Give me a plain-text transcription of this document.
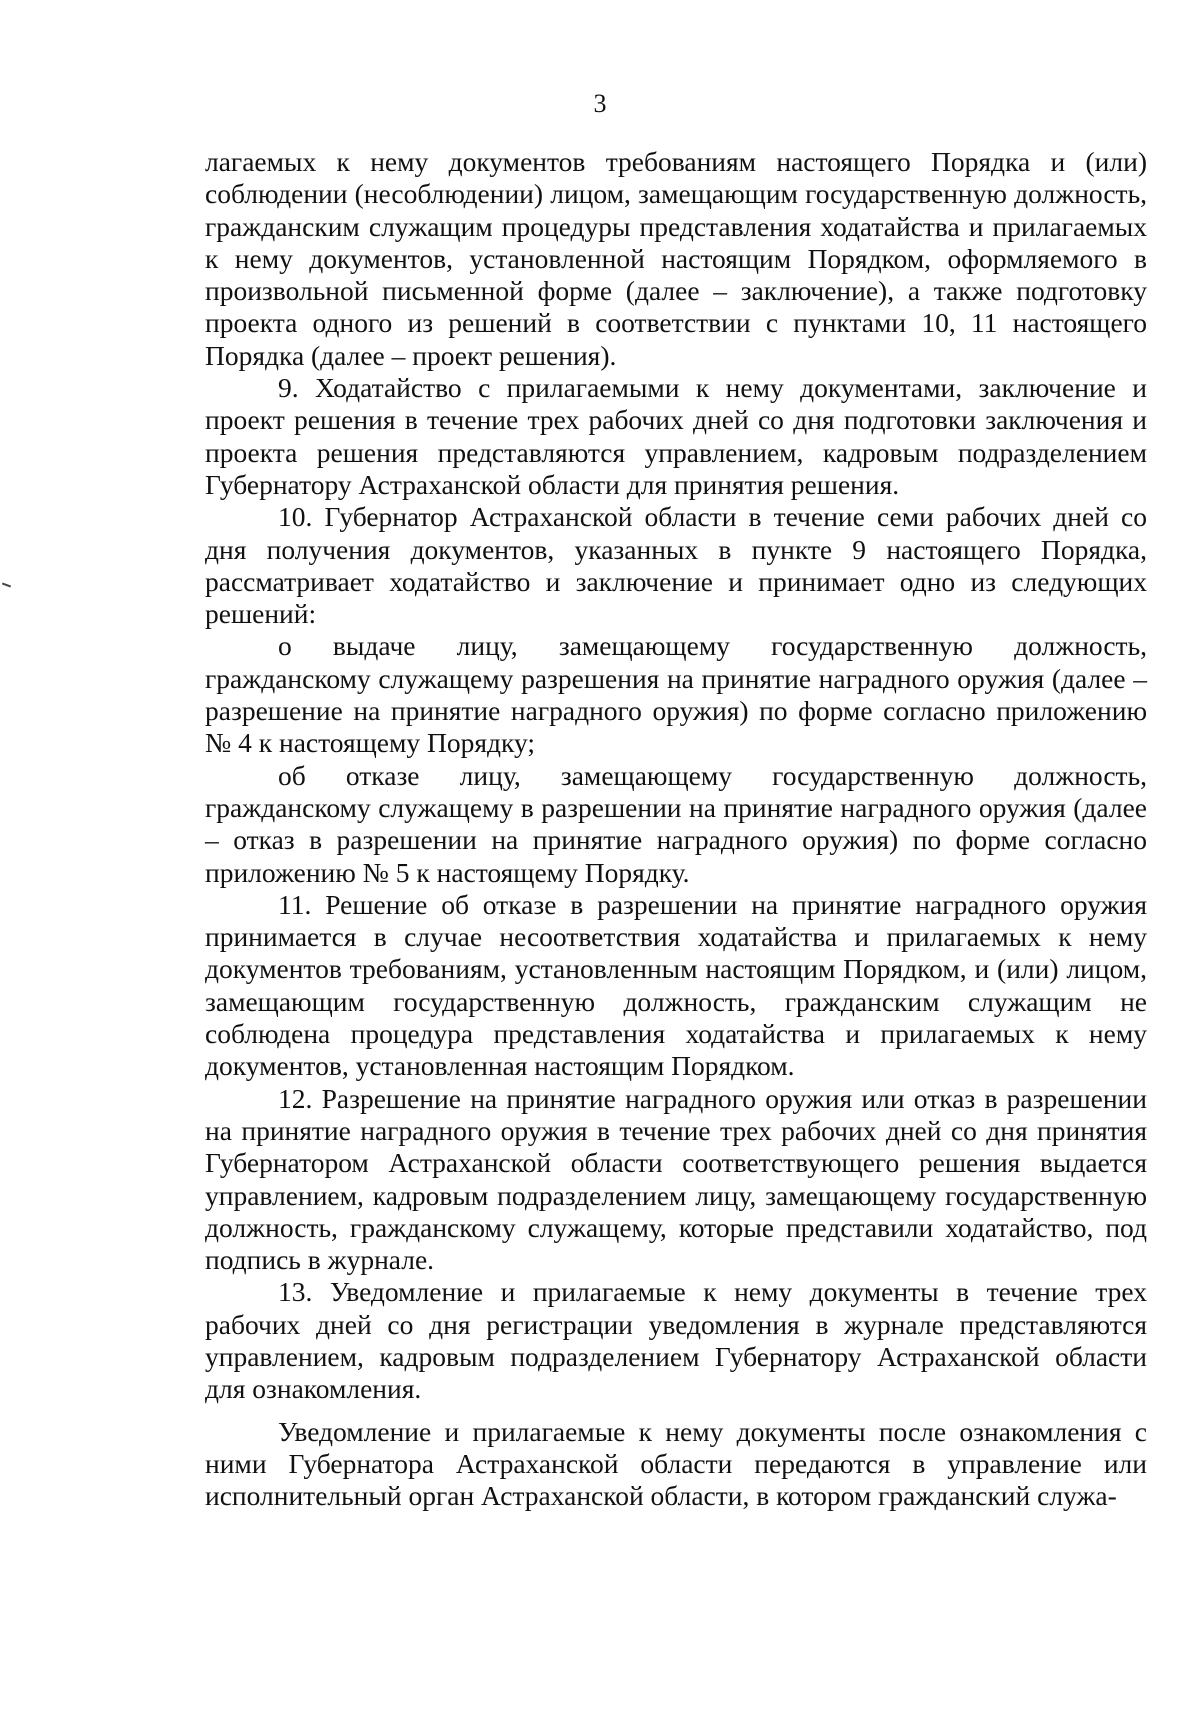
3

лагаемых к нему документов требованиям настоящего Порядка и (или) соблюдении (несоблюдении) лицом, замещающим государственную должность, гражданским служащим процедуры представления ходатайства и прилагаемых к нему документов, установленной настоящим Порядком, оформляемого в произвольной письменной форме (далее – заключение), а также подготовку проекта одного из решений в соответствии с пунктами 10, 11 настоящего Порядка (далее – проект решения).

9. Ходатайство с прилагаемыми к нему документами, заключение и проект решения в течение трех рабочих дней со дня подготовки заключения и проекта решения представляются управлением, кадровым подразделением Губернатору Астраханской области для принятия решения.

10. Губернатор Астраханской области в течение семи рабочих дней со дня получения документов, указанных в пункте 9 настоящего Порядка, рассматривает ходатайство и заключение и принимает одно из следующих решений:

о выдаче лицу, замещающему государственную должность, гражданскому служащему разрешения на принятие наградного оружия (далее – разрешение на принятие наградного оружия) по форме согласно приложению № 4 к настоящему Порядку;

об отказе лицу, замещающему государственную должность, гражданскому служащему в разрешении на принятие наградного оружия (далее – отказ в разрешении на принятие наградного оружия) по форме согласно приложению № 5 к настоящему Порядку.

11. Решение об отказе в разрешении на принятие наградного оружия принимается в случае несоответствия ходатайства и прилагаемых к нему документов требованиям, установленным настоящим Порядком, и (или) лицом, замещающим государственную должность, гражданским служащим не соблюдена процедура представления ходатайства и прилагаемых к нему документов, установленная настоящим Порядком.

12. Разрешение на принятие наградного оружия или отказ в разрешении на принятие наградного оружия в течение трех рабочих дней со дня принятия Губернатором Астраханской области соответствующего решения выдается управлением, кадровым подразделением лицу, замещающему государственную должность, гражданскому служащему, которые представили ходатайство, под подпись в журнале.

13. Уведомление и прилагаемые к нему документы в течение трех рабочих дней со дня регистрации уведомления в журнале представляются управлением, кадровым подразделением Губернатору Астраханской области для ознакомления.

Уведомление и прилагаемые к нему документы после ознакомления с ними Губернатора Астраханской области передаются в управление или исполнительный орган Астраханской области, в котором гражданский служа-
